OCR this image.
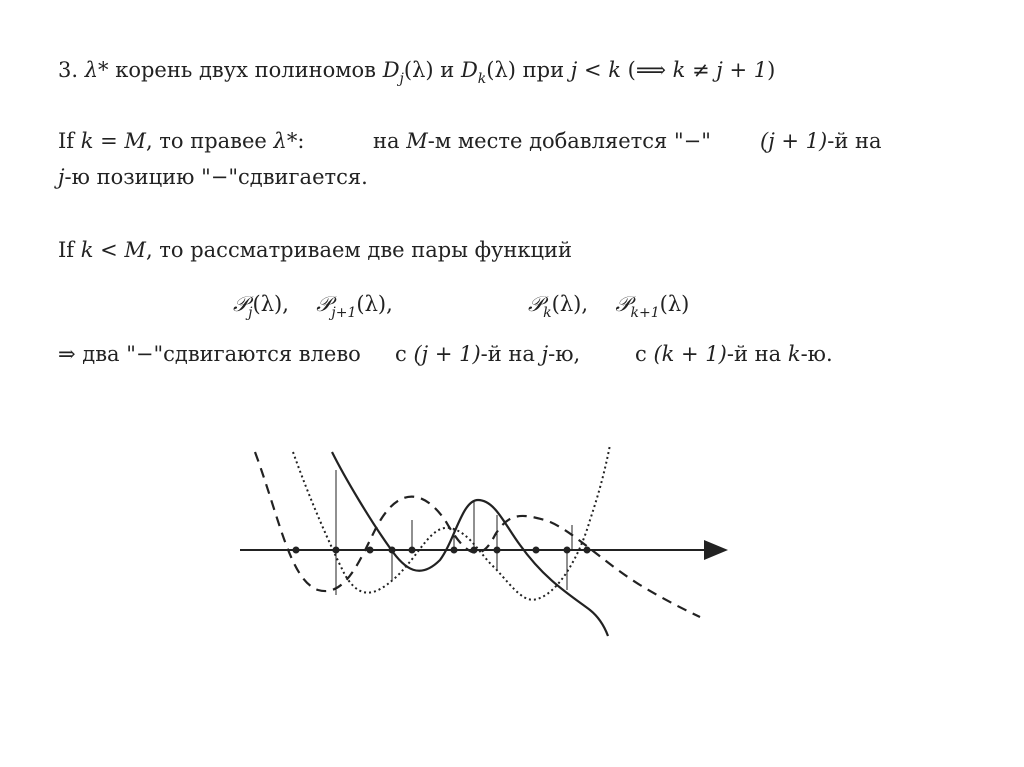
3. λ* корень двух полиномов $D_j(\lambda)$ и $D_k(\lambda)$ при j < k (⟹ k ≠ j + 1)
If k = M, то правее λ*:	на M-м месте добавляется "−" (j + 1)-й на
j-ю позицию "−"сдвигается.
If k < M, то рассматриваем две пары функций
𝒫$_j$(λ), 𝒫$_{j+1}$(λ),	𝒫$_k$(λ), 𝒫$_{k+1}$(λ)
⇒ два "−"сдвигаются влево с (j + 1)-й на j-ю,	с (k + 1)-й на k-ю.
